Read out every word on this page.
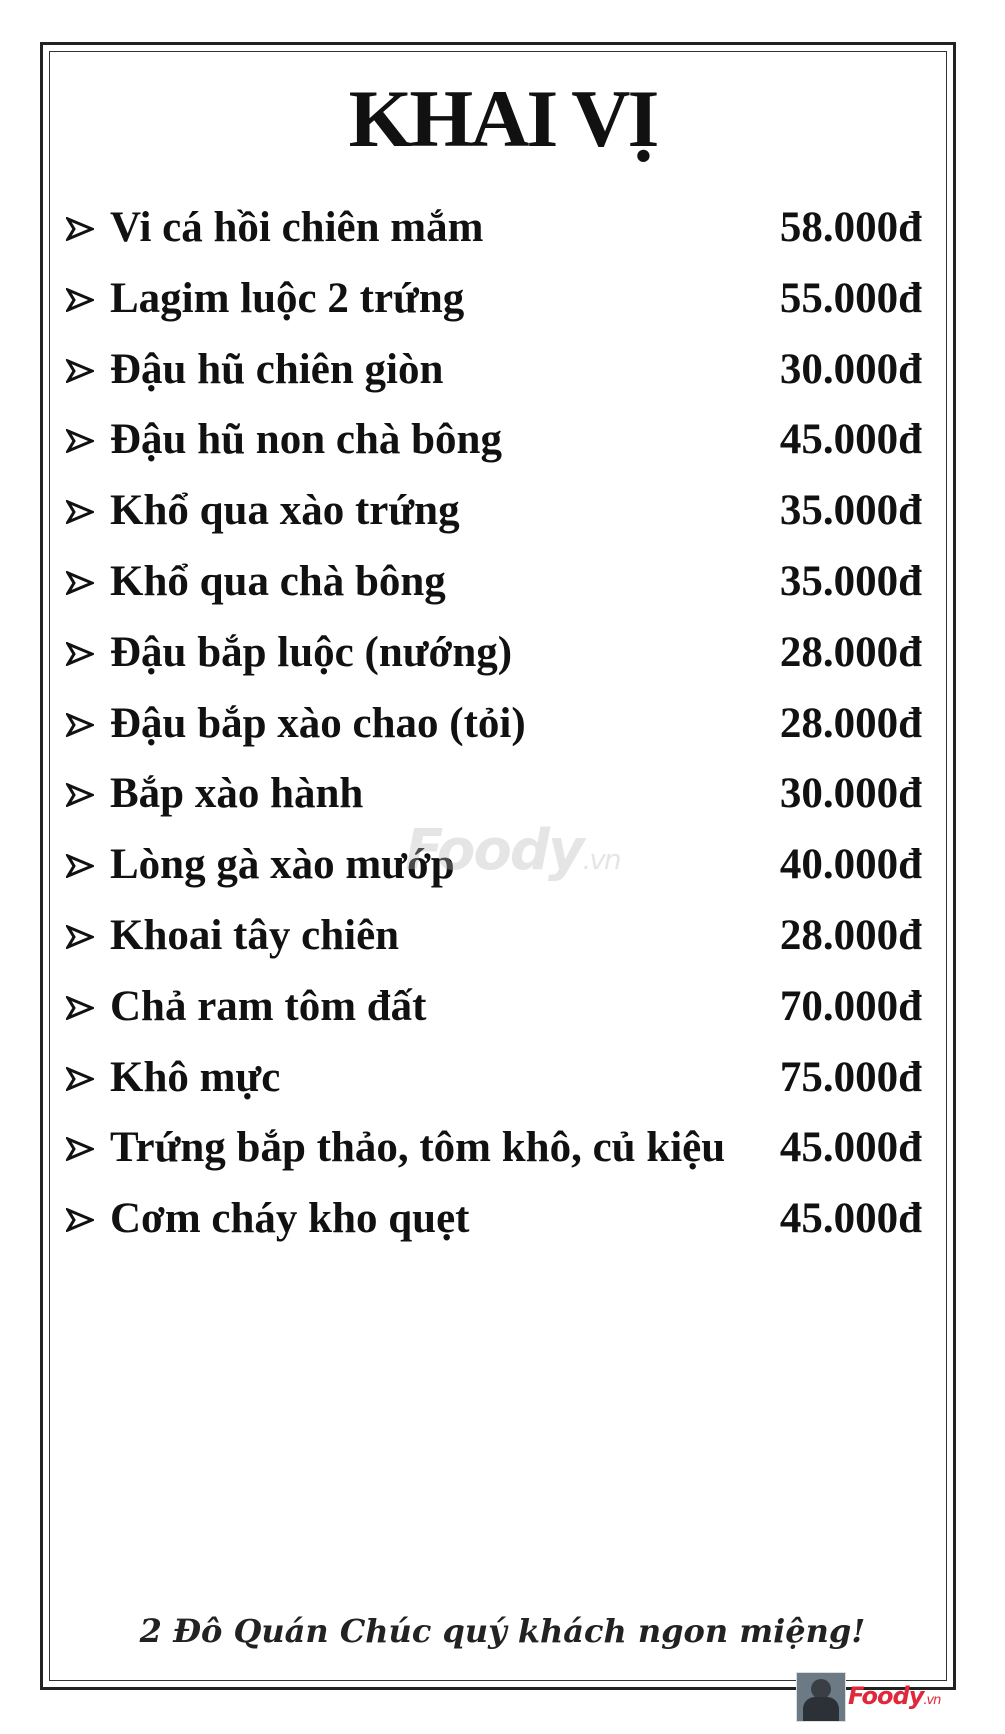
KHAI VỊ
Vi cá hồi chiên mắm	58.000đ
Lagim luộc 2 trứng	55.000đ
Đậu hũ chiên giòn	30.000đ
Đậu hũ non chà bông	45.000đ
Khổ qua xào trứng	35.000đ
Khổ qua chà bông	35.000đ
Đậu bắp luộc (nướng)	28.000đ
Đậu bắp xào chao (tỏi)	28.000đ
Bắp xào hành	30.000đ
Lòng gà xào mướp	40.000đ
Khoai tây chiên	28.000đ
Chả ram tôm đất	70.000đ
Khô mực	75.000đ
Trứng bắp thảo, tôm khô, củ kiệu 45.000đ
Cơm cháy kho quẹt	45.000đ
Foody.vn
2 Đô Quán Chúc quý khách ngon miệng!
Foody.vn
